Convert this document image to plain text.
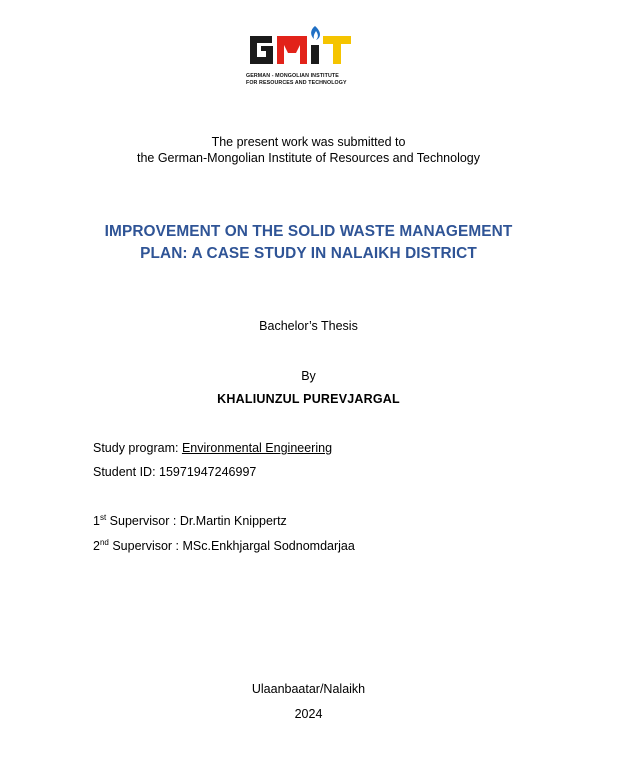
GERMAN - MONGOLIAN INSTITUTE
FOR RESOURCES AND TECHNOLOGY
The present work was submitted to
the German-Mongolian Institute of Resources and Technology
IMPROVEMENT ON THE SOLID WASTE MANAGEMENT
PLAN: A CASE STUDY IN NALAIKH DISTRICT
Bachelor’s Thesis
By
KHALIUNZUL PUREVJARGAL
Study program: Environmental Engineering
Student ID: 15971947246997
1st Supervisor : Dr.Martin Knippertz
2nd Supervisor : MSc.Enkhjargal Sodnomdarjaa
Ulaanbaatar/Nalaikh
2024
